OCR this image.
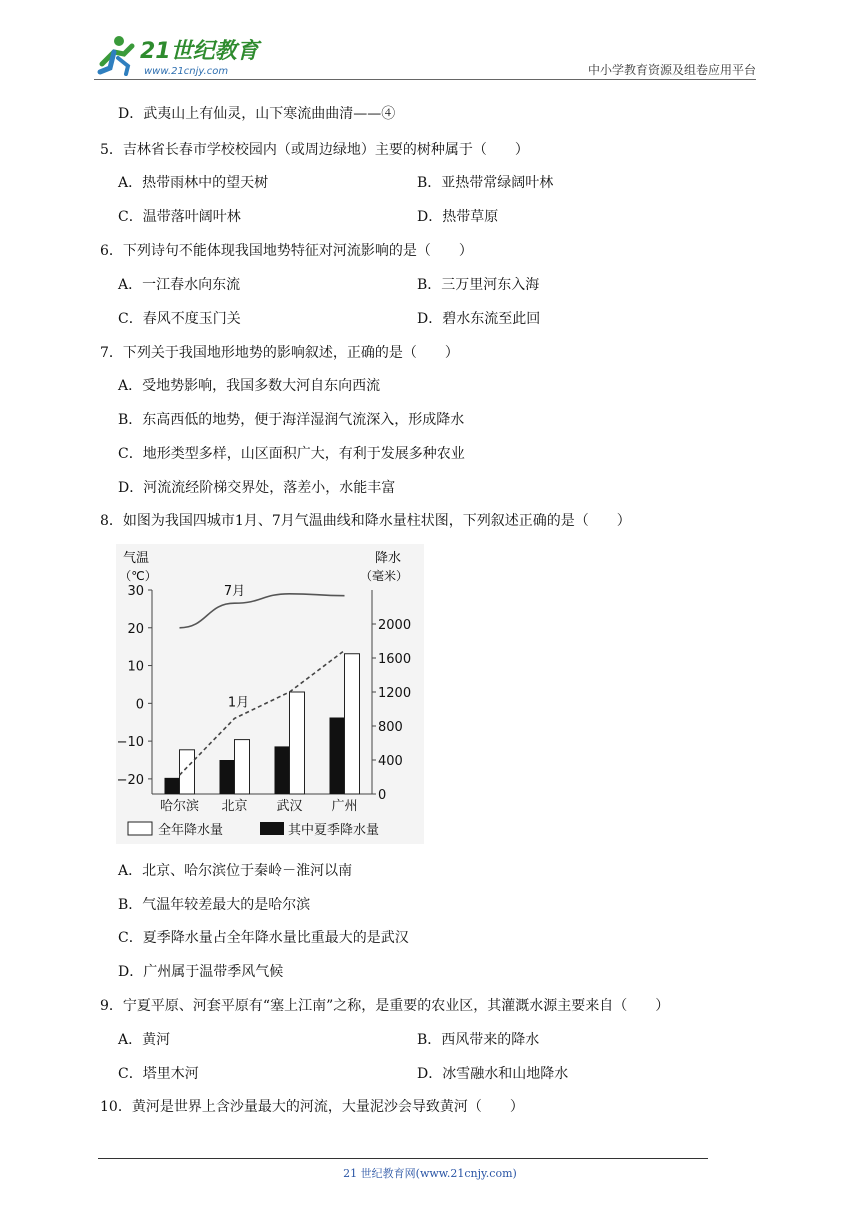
21世纪教育
www.21cnjy.com	中小学教育资源及组卷应用平台
D．武夷山上有仙灵，山下寒流曲曲清——④
5．吉林省长春市学校校园内（或周边绿地）主要的树种属于（　　）
A．热带雨林中的望天树	B．亚热带常绿阔叶林
C．温带落叶阔叶林	D．热带草原
6．下列诗句不能体现我国地势特征对河流影响的是（　　）
A．一江春水向东流	B．三万里河东入海
C．春风不度玉门关	D．碧水东流至此回
7．下列关于我国地形地势的影响叙述，正确的是（　　）
A．受地势影响，我国多数大河自东向西流
B．东高西低的地势，便于海洋湿润气流深入，形成降水
C．地形类型多样，山区面积广大，有利于发展多种农业
D．河流流经阶梯交界处，落差小，水能丰富
8．如图为我国四城市1月、7月气温曲线和降水量柱状图，下列叙述正确的是（　　）
气温
（℃）
降水
（毫米）
30
20
10
0
−10
−20
2000
1600
1200
800
400
0
哈尔滨 北京 武汉 广州
7月
1月
全年降水量	其中夏季降水量
A．北京、哈尔滨位于秦岭－淮河以南
B．气温年较差最大的是哈尔滨
C．夏季降水量占全年降水量比重最大的是武汉
D．广州属于温带季风气候
9．宁夏平原、河套平原有“塞上江南”之称，是重要的农业区，其灌溉水源主要来自（　　）
A．黄河	B．西风带来的降水
C．塔里木河	D．冰雪融水和山地降水
10．黄河是世界上含沙量最大的河流，大量泥沙会导致黄河（　　）
21 世纪教育网(www.21cnjy.com)
